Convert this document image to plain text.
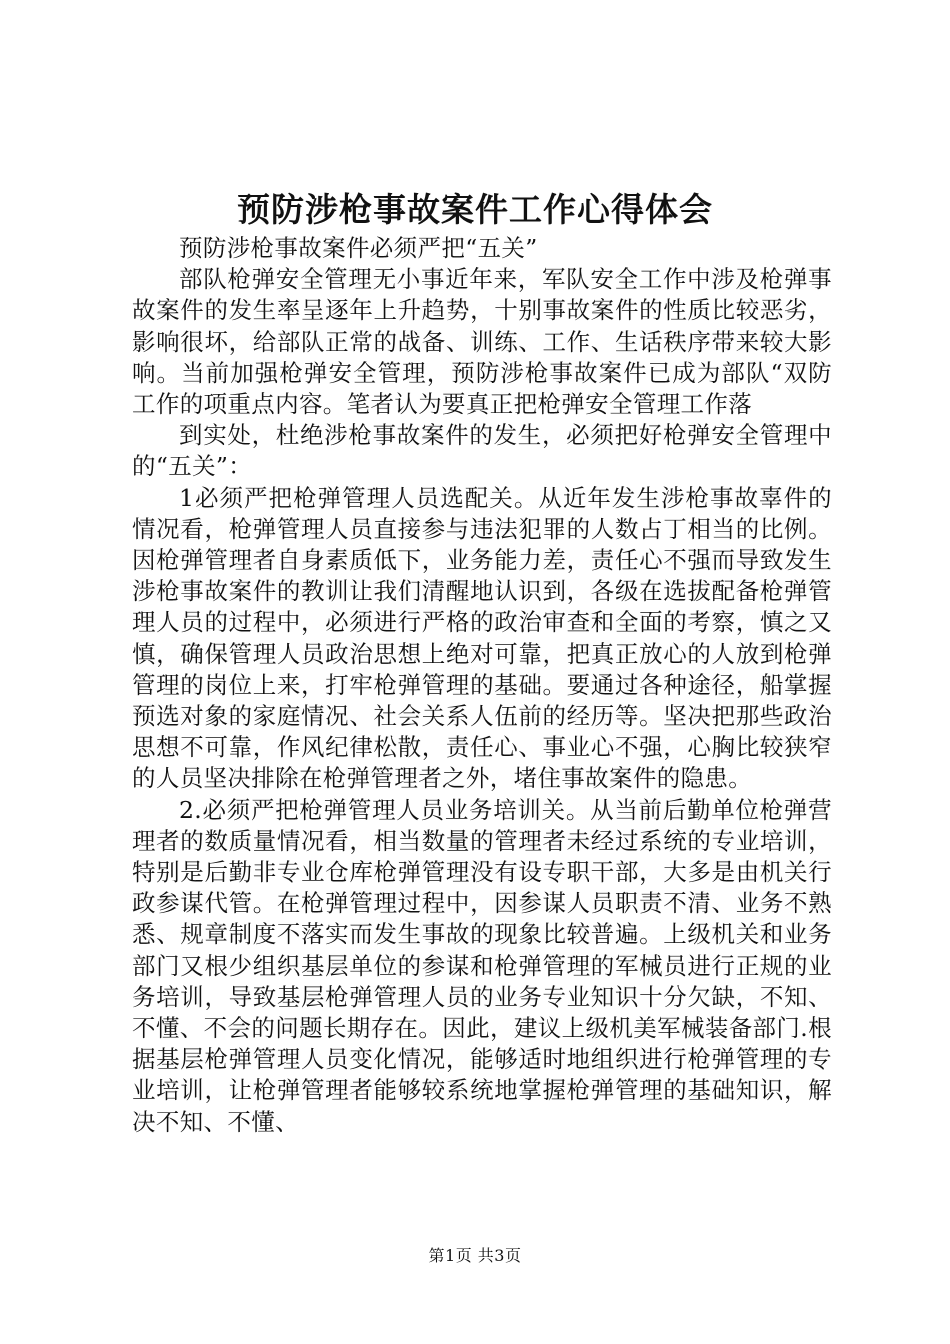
预防涉枪事故案件工作心得体会

预防涉枪事故案件必须严把“五关”

部队枪弹安全管理无小事近年来，军队安全工作中涉及枪弹事故案件的发生率呈逐年上升趋势，十别事故案件的性质比较恶劣，影响很坏，给部队正常的战备、训练、工作、生话秩序带来较大影响。当前加强枪弹安全管理，预防涉枪事故案件已成为部队“双防工作的项重点内容。笔者认为要真正把枪弹安全管理工作落

到实处，杜绝涉枪事故案件的发生，必须把好枪弹安全管理中的“五关”：

1必须严把枪弹管理人员选配关。从近年发生涉枪事故辜件的情况看，枪弹管理人员直接参与违法犯罪的人数占丁相当的比例。因枪弹管理者自身素质低下，业务能力差，责任心不强而导致发生涉枪事故案件的教训让我们清醒地认识到，各级在选拔配备枪弹管理人员的过程中，必须进行严格的政治审查和全面的考察，慎之又慎，确保管理人员政治思想上绝对可靠，把真正放心的人放到枪弹管理的岗位上来，打牢枪弹管理的基础。要通过各种途径，船掌握预选对象的家庭情况、社会关系人伍前的经历等。坚决把那些政治思想不可靠，作风纪律松散，责任心、事业心不强，心胸比较狭窄的人员坚决排除在枪弹管理者之外，堵住事故案件的隐患。

2.必须严把枪弹管理人员业务培训关。从当前后勤单位枪弹营理者的数质量情况看，相当数量的管理者未经过系统的专业培训，特别是后勤非专业仓库枪弹管理没有设专职干部，大多是由机关行政参谋代管。在枪弹管理过程中，因参谋人员职责不清、业务不熟悉、规章制度不落实而发生事故的现象比较普遍。上级机关和业务部门又根少组织基层单位的参谋和枪弹管理的军械员进行正规的业务培训，导致基层枪弹管理人员的业务专业知识十分欠缺，不知、不懂、不会的问题长期存在。因此，建议上级机美军械装备部门.根据基层枪弹管理人员变化情况，能够适时地组织进行枪弹管理的专业培训，让枪弹管理者能够较系统地掌握枪弹管理的基础知识，解决不知、不懂、

第1页 共3页
